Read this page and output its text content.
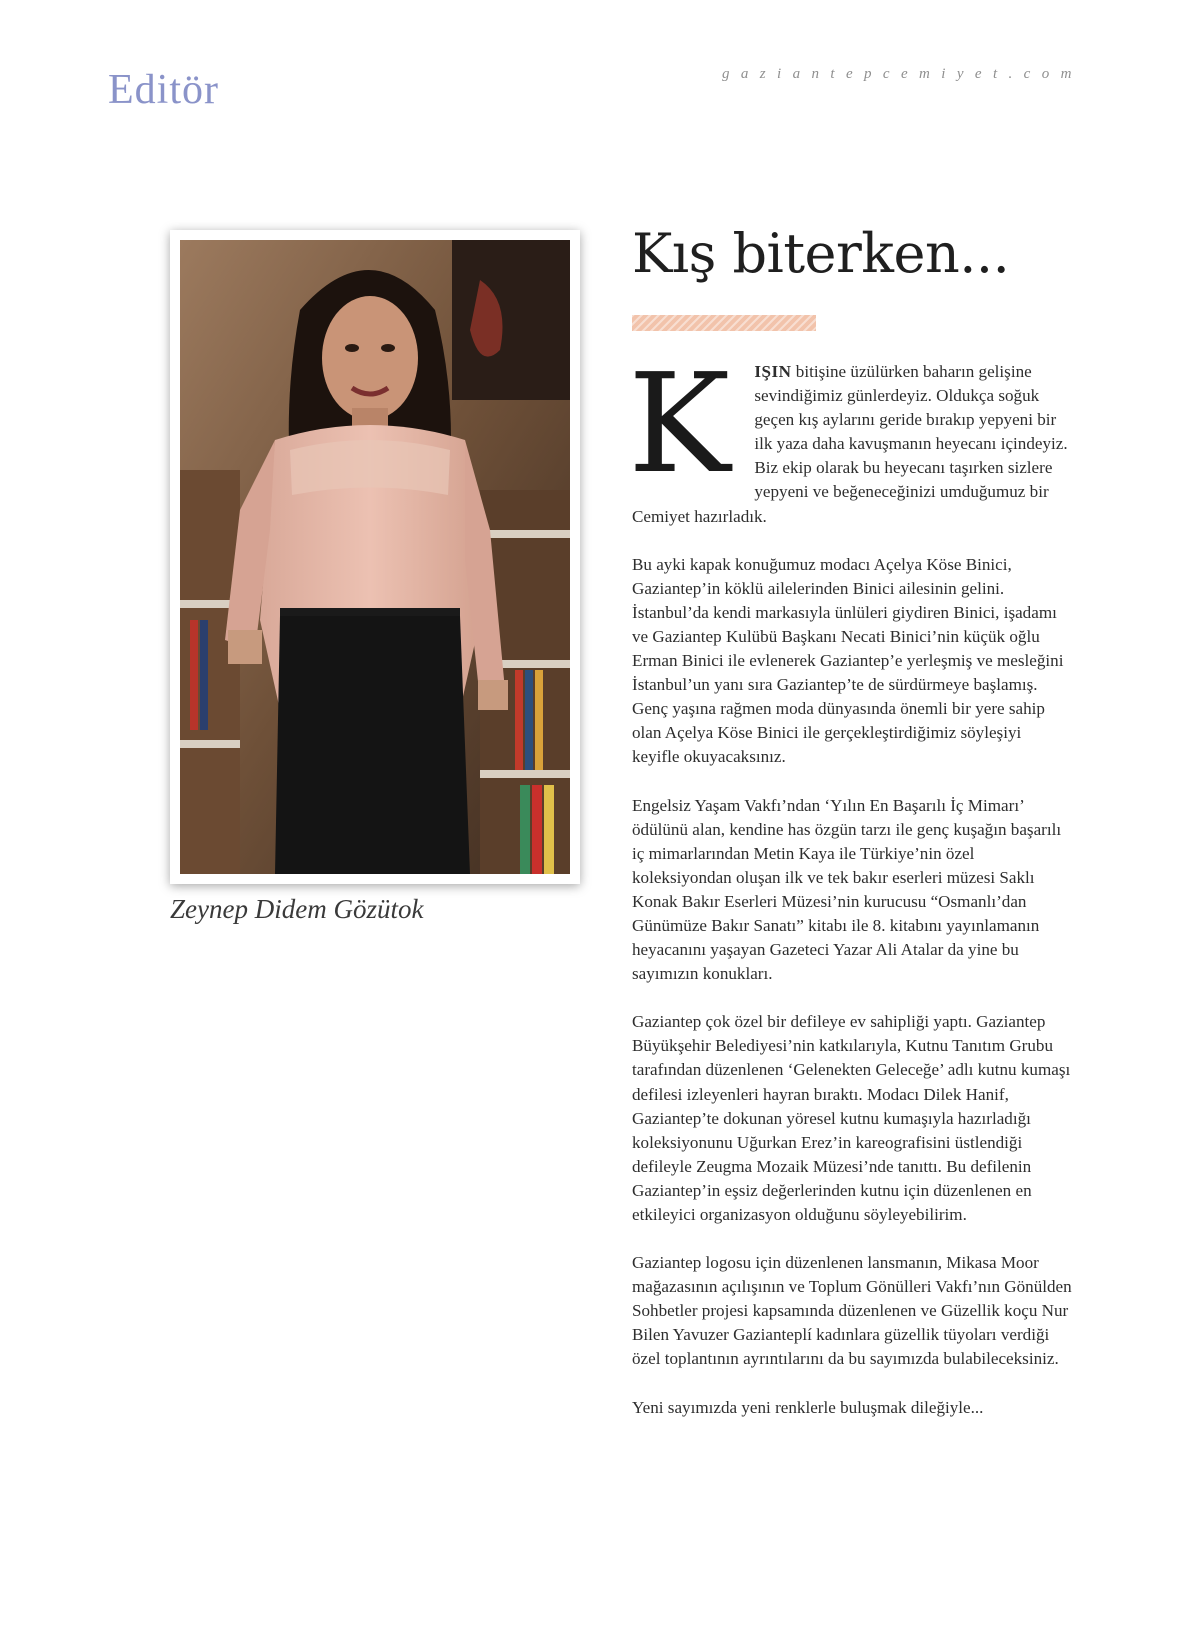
Editör	gaziantepcemiyet.com
Zeynep Didem Gözütok
Kış biterken...

K IŞIN bitişine üzülürken baharın gelişine sevindiğimiz günlerdeyiz. Oldukça soğuk geçen kış aylarını geride bırakıp yepyeni bir ilk yaza daha kavuşmanın heyecanı içindeyiz. Biz ekip olarak bu heyecanı taşırken sizlere yepyeni ve beğeneceğinizi umduğumuz bir Cemiyet hazırladık.

Bu ayki kapak konuğumuz modacı Açelya Köse Binici, Gaziantep’in köklü ailelerinden Binici ailesinin gelini. İstanbul’da kendi markasıyla ünlüleri giydiren Binici, işadamı ve Gaziantep Kulübü Başkanı Necati Binici’nin küçük oğlu Erman Binici ile evlenerek Gaziantep’e yerleşmiş ve mesleğini İstanbul’un yanı sıra Gaziantep’te de sürdürmeye başlamış. Genç yaşına rağmen moda dünyasında önemli bir yere sahip olan Açelya Köse Binici ile gerçekleştirdiğimiz söyleşiyi keyifle okuyacaksınız.

Engelsiz Yaşam Vakfı’ndan ‘Yılın En Başarılı İç Mimarı’ ödülünü alan, kendine has özgün tarzı ile genç kuşağın başarılı iç mimarlarından Metin Kaya ile Türkiye’nin özel koleksiyondan oluşan ilk ve tek bakır eserleri müzesi Saklı Konak Bakır Eserleri Müzesi’nin kurucusu “Osmanlı’dan Günümüze Bakır Sanatı” kitabı ile 8. kitabını yayınlamanın heyacanını yaşayan Gazeteci Yazar Ali Atalar da yine bu sayımızın konukları.

Gaziantep çok özel bir defileye ev sahipliği yaptı. Gaziantep Büyükşehir Belediyesi’nin katkılarıyla, Kutnu Tanıtım Grubu tarafından düzenlenen ‘Gelenekten Geleceğe’ adlı kutnu kumaşı defilesi izleyenleri hayran bıraktı. Modacı Dilek Hanif, Gaziantep’te dokunan yöresel kutnu kumaşıyla hazırladığı koleksiyonunu Uğurkan Erez’in kareografisini üstlendiği defileyle Zeugma Mozaik Müzesi’nde tanıttı. Bu defilenin Gaziantep’in eşsiz değerlerinden kutnu için düzenlenen en etkileyici organizasyon olduğunu söyleyebilirim.

Gaziantep logosu için düzenlenen lansmanın, Mikasa Moor mağazasının açılışının ve Toplum Gönülleri Vakfı’nın Gönülden Sohbetler projesi kapsamında düzenlenen ve Güzellik koçu Nur Bilen Yavuzer Gazianteplí kadınlara güzellik tüyoları verdiği özel toplantının ayrıntılarını da bu sayımızda bulabileceksiniz.

Yeni sayımızda yeni renklerle buluşmak dileğiyle...
